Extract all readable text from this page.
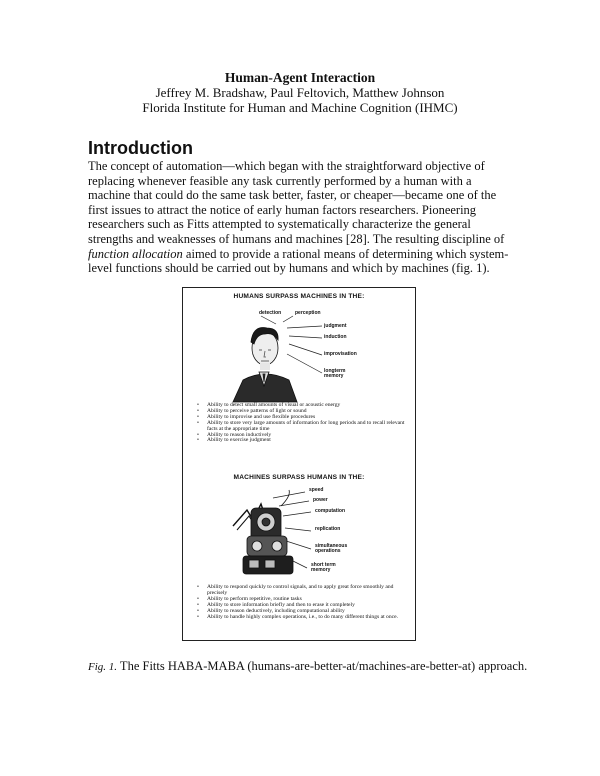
Human-Agent Interaction
Jeffrey M. Bradshaw, Paul Feltovich, Matthew Johnson
Florida Institute for Human and Machine Cognition (IHMC)
Introduction

The concept of automation—which began with the straightforward objective of replacing whenever feasible any task currently performed by a human with a machine that could do the same task better, faster, or cheaper—became one of the first issues to attract the notice of early human factors researchers. Pioneering researchers such as Fitts attempted to systematically characterize the general strengths and weaknesses of humans and machines [28]. The resulting discipline of function allocation aimed to provide a rational means of determining which system-level functions should be carried out by humans and which by machines (fig. 1).

HUMANS SURPASS MACHINES IN THE:
detection	perception
judgment
induction
improvisation
longterm memory
• Ability to detect small amounts of visual or acoustic energy
• Ability to perceive patterns of light or sound
• Ability to improvise and use flexible procedures
• Ability to store very large amounts of information for long periods and to recall relevant facts at the appropriate time
• Ability to reason inductively
• Ability to exercise judgment
MACHINES SURPASS HUMANS IN THE:
speed
power
computation
replication
simultaneous operations
short term memory
• Ability to respond quickly to control signals, and to apply great force smoothly and precisely
• Ability to perform repetitive, routine tasks
• Ability to store information briefly and then to erase it completely
• Ability to reason deductively, including computational ability
• Ability to handle highly complex operations, i.e., to do many different things at once.
Fig. 1. The Fitts HABA-MABA (humans-are-better-at/machines-are-better-at) approach.
